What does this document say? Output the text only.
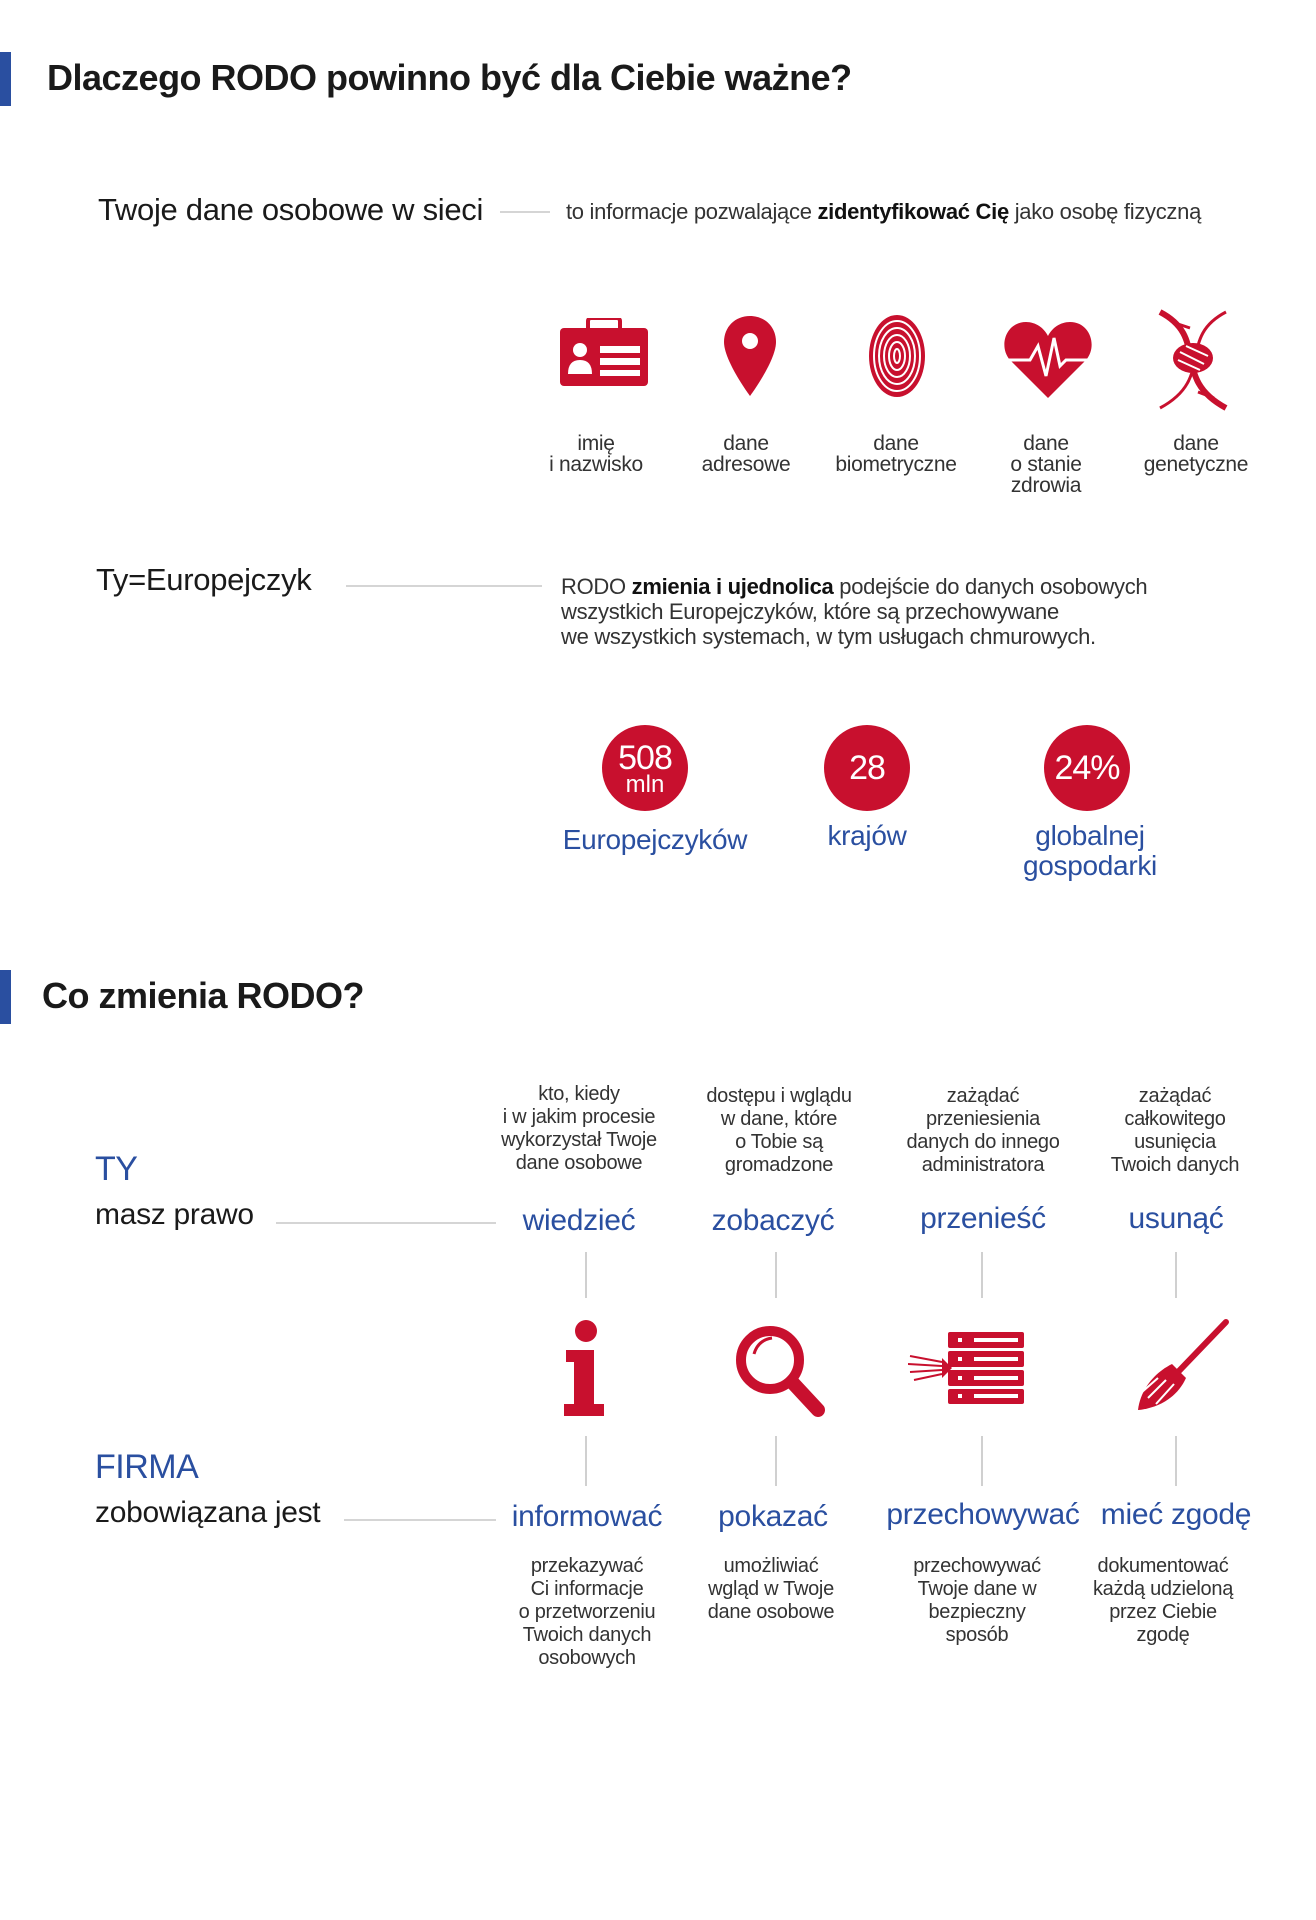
Dlaczego RODO powinno być dla Ciebie ważne?
Twoje dane osobowe w sieci	to informacje pozwalające zidentyfikować Cię jako osobę fizyczną
imię
i nazwisko
dane
adresowe
dane
biometryczne
dane
o stanie
zdrowia
dane
genetyczne
Ty=Europejczyk	RODO zmienia i ujednolica podejście do danych osobowych
wszystkich Europejczyków, które są przechowywane
we wszystkich systemach, w tym usługach chmurowych.
508
mln	28	24%
Europejczyków	krajów	globalnej
gospodarki
Co zmienia RODO?
TY
masz prawo
FIRMA
zobowiązana jest
kto, kiedy
i w jakim procesie
wykorzystał Twoje
dane osobowe
dostępu i wglądu
w dane, które
o Tobie są
gromadzone
zażądać
przeniesienia
danych do innego
administratora
zażądać
całkowitego
usunięcia
Twoich danych
wiedzieć	zobaczyć	przenieść	usunąć
informować	pokazać	przechowywać mieć zgodę
przekazywać
Ci informacje
o przetworzeniu
Twoich danych
osobowych
umożliwiać
wgląd w Twoje
dane osobowe
przechowywać
Twoje dane w
bezpieczny
sposób
dokumentować
każdą udzieloną
przez Ciebie
zgodę
